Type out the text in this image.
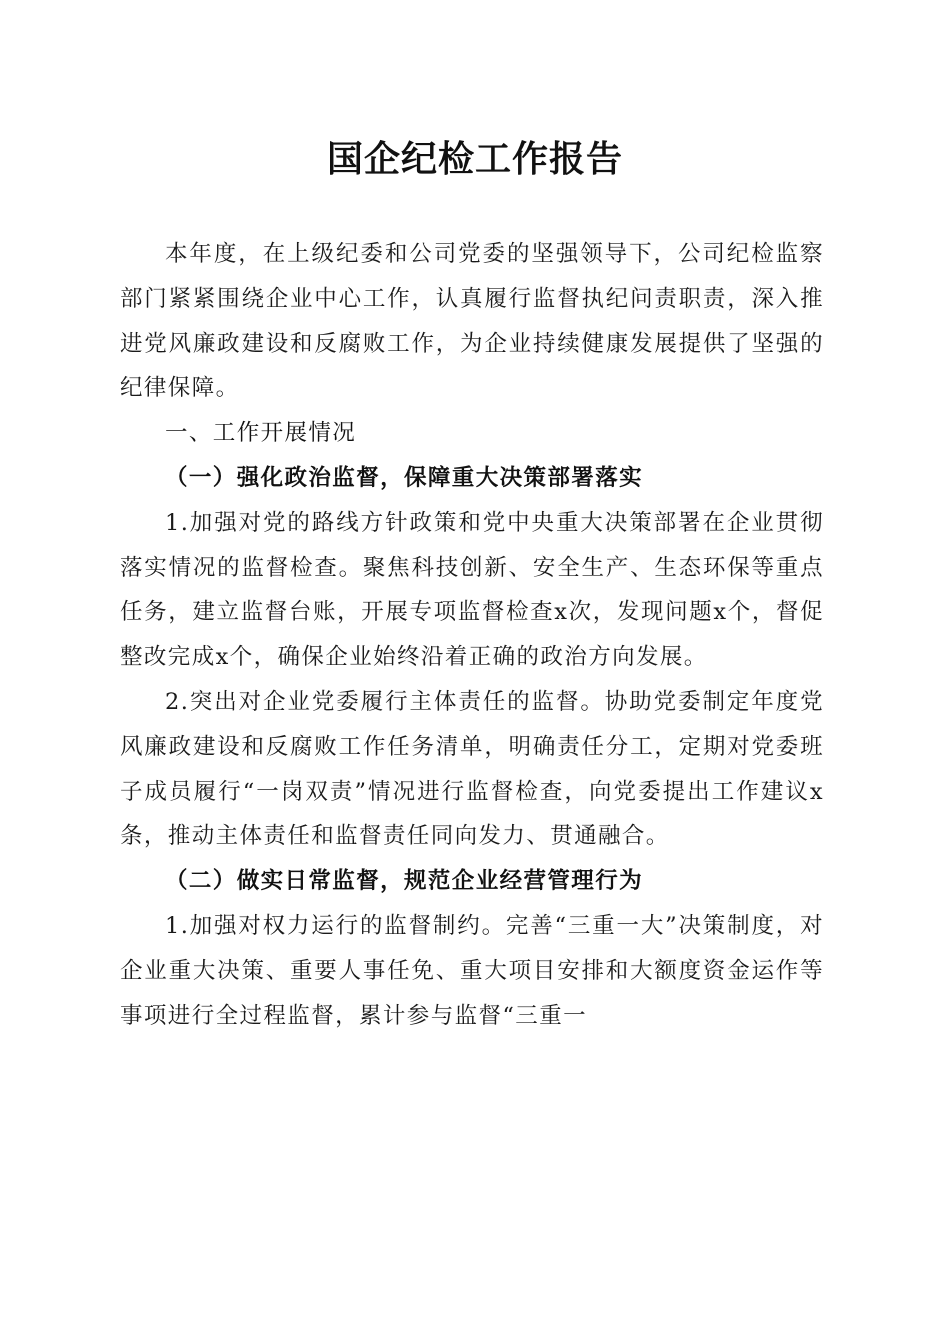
国企纪检工作报告

本年度，在上级纪委和公司党委的坚强领导下，公司纪检监察部门紧紧围绕企业中心工作，认真履行监督执纪问责职责，深入推进党风廉政建设和反腐败工作，为企业持续健康发展提供了坚强的纪律保障。

一、工作开展情况
（一）强化政治监督，保障重大决策部署落实

1.加强对党的路线方针政策和党中央重大决策部署在企业贯彻落实情况的监督检查。聚焦科技创新、安全生产、生态环保等重点任务，建立监督台账，开展专项监督检查x次，发现问题x个，督促整改完成x个，确保企业始终沿着正确的政治方向发展。

2.突出对企业党委履行主体责任的监督。协助党委制定年度党风廉政建设和反腐败工作任务清单，明确责任分工，定期对党委班子成员履行“一岗双责”情况进行监督检查，向党委提出工作建议x条，推动主体责任和监督责任同向发力、贯通融合。

（二）做实日常监督，规范企业经营管理行为

1.加强对权力运行的监督制约。完善“三重一大”决策制度，对企业重大决策、重要人事任免、重大项目安排和大额度资金运作等事项进行全过程监督，累计参与监督“三重一
